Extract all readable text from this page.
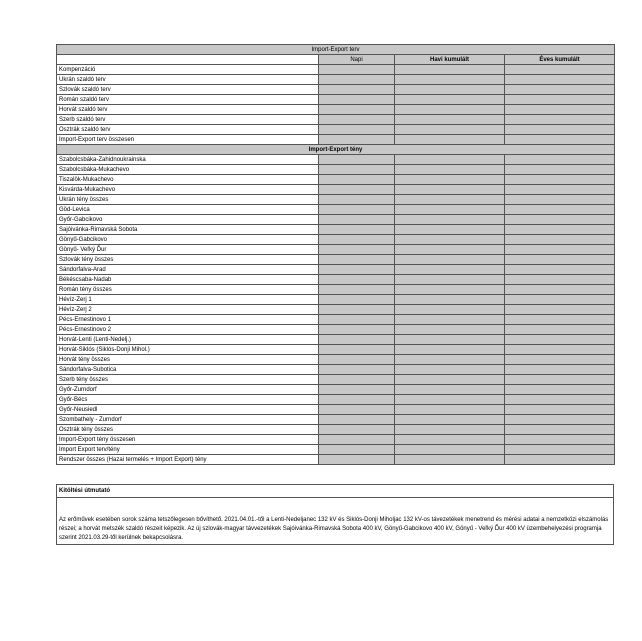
Import-Export terv			
	Napi	Havi kumulált	Éves kumulált
Kompenzáció			
Ukrán szaldó terv			
Szlovák szaldó terv			
Román szaldó terv			
Horvát szaldó terv			
Szerb szaldó terv			
Osztrák szaldó terv			
Import-Export terv összesen			
Import-Export tény			
Szabolcsbáka-Zahidnoukrainska			
Szabolcsbáka-Mukachevo			
Tiszalök-Mukachevo			
Kisvárda-Mukachevo			
Ukrán tény összes			
Göd-Levica			
Győr-Gabcikovo			
Sajóivánka-Rimavská Sobota			
Gönyű-Gabcikovo			
Gönyű- Veľký Ďur			
Szlovák tény összes			
Sándorfalva-Arad			
Békéscsaba-Nadab			
Román tény összes			
Hévíz-Zerj 1			
Hévíz-Zerj 2			
Pécs-Ernestinovo 1			
Pécs-Ernestinovo 2			
Horvát-Lenti (Lenti-Nedelj.)			
Horvát-Siklós (Siklós-Donji Mihol.)			
Horvát tény összes			
Sándorfalva-Subotica			
Szerb tény összes			
Győr-Zurndorf			
Győr-Bécs			
Győr-Neusiedl			
Szombathely - Zurndorf			
Osztrák tény összes			
Import-Export tény összesen			
Import Export terv/tény			
Rendszer összes (Hazai termelés + Import Export) tény			
Kitöltési útmutató
Az erőművek esetében sorok száma tetszőlegesen bővíthető. 2021.04.01.-től a Lenti-Nedeljanec 132 kV és Siklós-Donji Miholjac 132 kV-os távezetékek menetrend és mérési adatai a nemzetközi elszámolás részei; a horvát metszék szaldó részeit képezik. Az új szlovák-magyar távvezetékek Sajóivánka-Rimavská Sobota 400 kV, Gönyű-Gabcikovo 400 kV, Gönyű - Veľký Ďur 400 kV üzembehelyezési programja szerint 2021.03.29-től kerülnek bekapcsolásra.
